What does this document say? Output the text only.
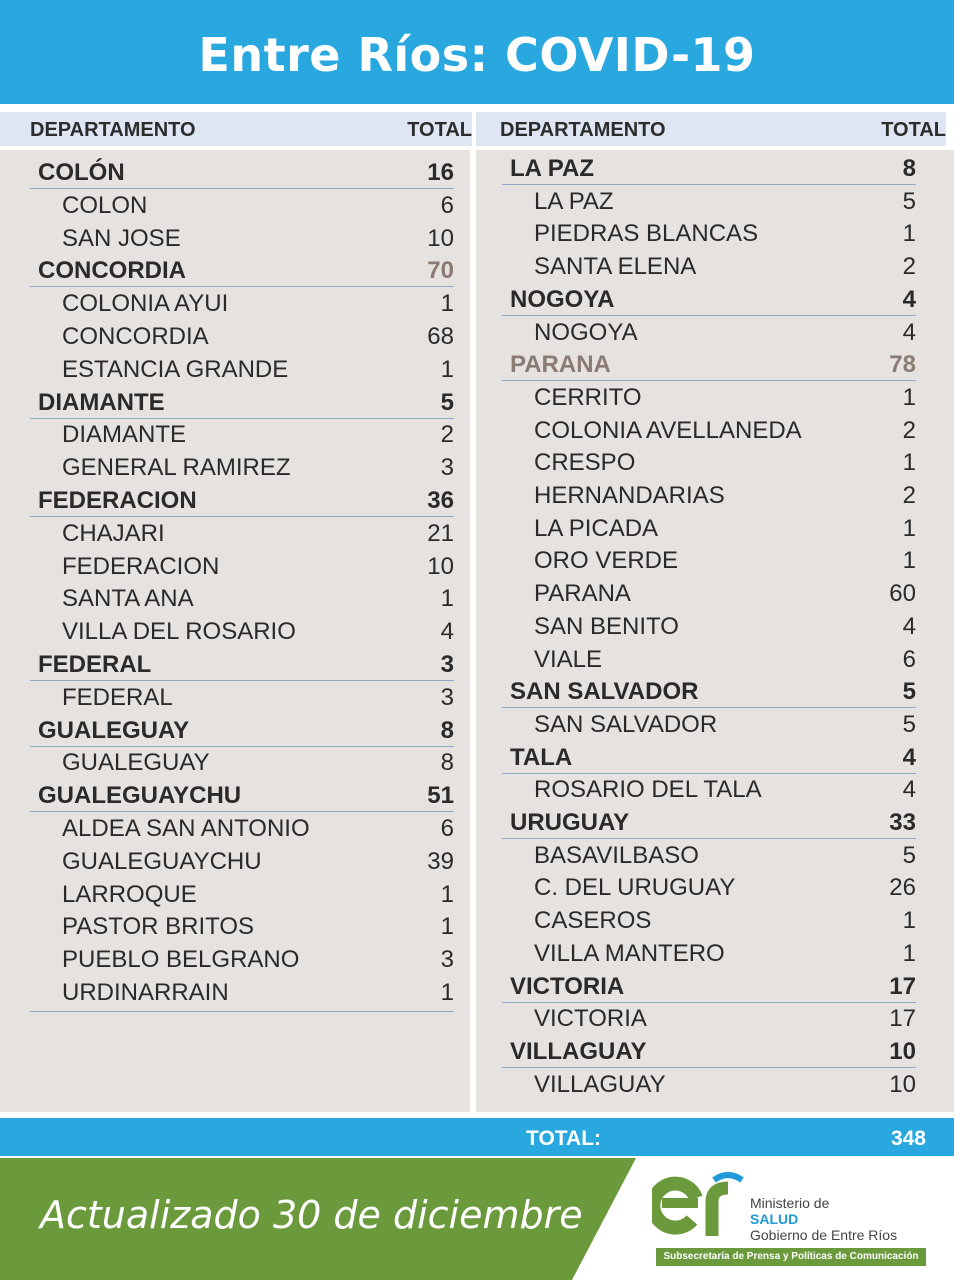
Entre Ríos: COVID-19
DEPARTAMENTO	TOTAL DEPARTAMENTO	TOTAL
COLÓN	16
COLON	6
SAN JOSE	10
CONCORDIA	70
COLONIA AYUI	1
CONCORDIA	68
ESTANCIA GRANDE	1
DIAMANTE	5
DIAMANTE	2
GENERAL RAMIREZ	3
FEDERACION	36
CHAJARI	21
FEDERACION	10
SANTA ANA	1
VILLA DEL ROSARIO	4
FEDERAL	3
FEDERAL	3
GUALEGUAY	8
GUALEGUAY	8
GUALEGUAYCHU	51
ALDEA SAN ANTONIO	6
GUALEGUAYCHU	39
LARROQUE	1
PASTOR BRITOS	1
PUEBLO BELGRANO	3
URDINARRAIN	1
LA PAZ	8
LA PAZ	5
PIEDRAS BLANCAS	1
SANTA ELENA	2
NOGOYA	4
NOGOYA	4
PARANA	78
CERRITO	1
COLONIA AVELLANEDA	2
CRESPO	1
HERNANDARIAS	2
LA PICADA	1
ORO VERDE	1
PARANA	60
SAN BENITO	4
VIALE	6
SAN SALVADOR	5
SAN SALVADOR	5
TALA	4
ROSARIO DEL TALA	4
URUGUAY	33
BASAVILBASO	5
C. DEL URUGUAY	26
CASEROS	1
VILLA MANTERO	1
VICTORIA	17
VICTORIA	17
VILLAGUAY	10
VILLAGUAY	10
TOTAL:	348
Actualizado 30 de diciembre
er
Ministerio de
SALUD
Gobierno de Entre Ríos
Subsecretaría de Prensa y Políticas de Comunicación
